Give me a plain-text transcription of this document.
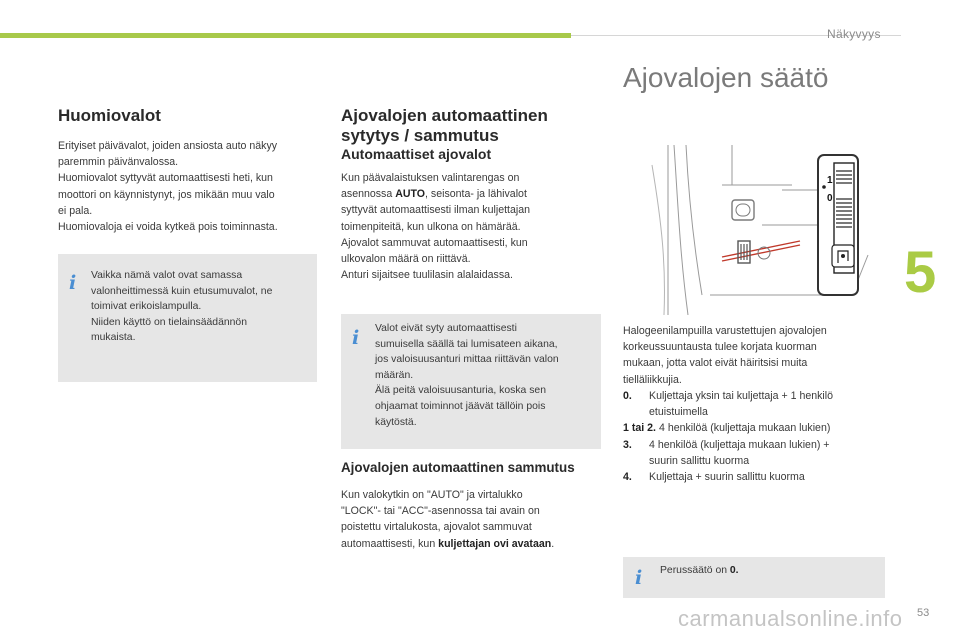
Näkyvyys
5
Huomiovalot
Erityiset päivävalot, joiden ansiosta auto näkyy
paremmin päivänvalossa.
Huomiovalot syttyvät automaattisesti heti, kun
moottori on käynnistynyt, jos mikään muu valo
ei pala.
Huomiovaloja ei voida kytkeä pois toiminnasta.
i Vaikka nämä valot ovat samassa
valonheittimessä kuin etusumuvalot, ne
toimivat erikoislampulla.
Niiden käyttö on tielainsäädännön
mukaista.
Ajovalojen automaattinen
sytytys / sammutus
Automaattiset ajovalot
Kun päävalaistuksen valintarengas on
asennossa AUTO, seisonta- ja lähivalot
syttyvät automaattisesti ilman kuljettajan
toimenpiteitä, kun ulkona on hämärää.
Ajovalot sammuvat automaattisesti, kun
ulkovalon määrä on riittävä.
Anturi sijaitsee tuulilasin alalaidassa.
i Valot eivät syty automaattisesti
sumuisella säällä tai lumisateen aikana,
jos valoisuusanturi mittaa riittävän valon
määrän.
Älä peitä valoisuusanturia, koska sen
ohjaamat toiminnot jäävät tällöin pois
käytöstä.
Ajovalojen automaattinen sammutus
Kun valokytkin on "AUTO" ja virtalukko
"LOCK"- tai "ACC"-asennossa tai avain on
poistettu virtalukosta, ajovalot sammuvat
automaattisesti, kun kuljettajan ovi avataan.
Ajovalojen säätö
1
0
Halogeenilampuilla varustettujen ajovalojen
korkeussuuntausta tulee korjata kuorman
mukaan, jotta valot eivät häiritsisi muita
tielläliikkujia.
0. Kuljettaja yksin tai kuljettaja + 1 henkilö
etuistuimella
1 tai 2. 4 henkilöä (kuljettaja mukaan lukien)
3. 4 henkilöä (kuljettaja mukaan lukien) +
suurin sallittu kuorma
4. Kuljettaja + suurin sallittu kuorma
i Perussäätö on 0.
carmanualsonline.info 53
